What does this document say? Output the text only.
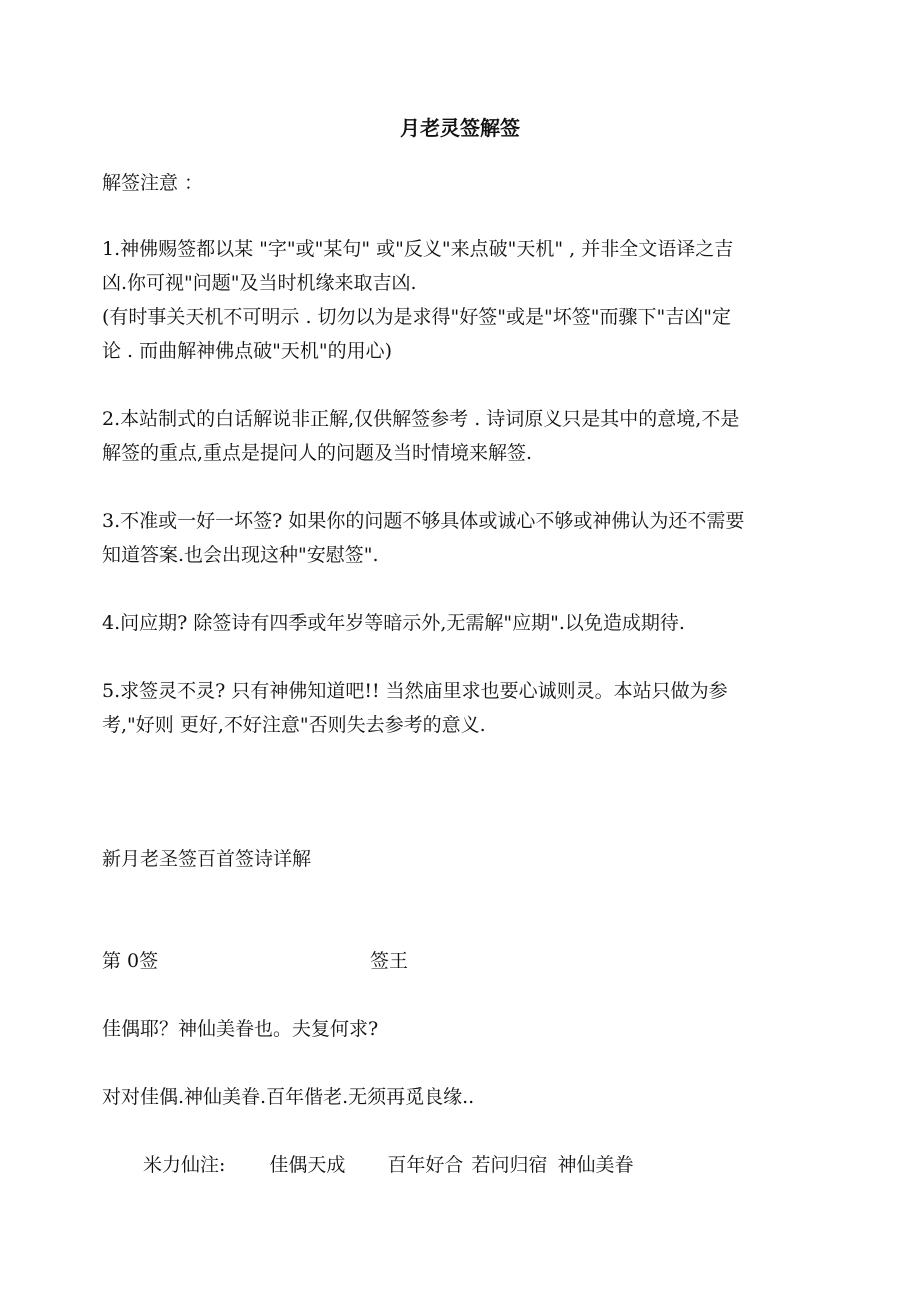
月老灵签解签

解签注意 ：

1.神佛赐签都以某 "字"或"某句" 或"反义"来点破"天机" , 并非全文语译之吉
凶.你可视"问题"及当时机缘来取吉凶.

(有时事关天机不可明示 . 切勿以为是求得"好签"或是"坏签"而骤下"吉凶"定
论 . 而曲解神佛点破"天机"的用心)

2.本站制式的白话解说非正解,仅供解签参考 . 诗词原义只是其中的意境,不是
解签的重点,重点是提问人的问题及当时情境来解签.

3.不准或一好一坏签? 如果你的问题不够具体或诚心不够或神佛认为还不需要
知道答案.也会出现这种"安慰签".

4.问应期? 除签诗有四季或年岁等暗示外,无需解"应期".以免造成期待.

5.求签灵不灵? 只有神佛知道吧!! 当然庙里求也要心诚则灵。本站只做为参
考,"好则 更好,不好注意"否则失去参考的意义.

新月老圣签百首签诗详解

第 0签	签王

佳偶耶？神仙美眷也。夫复何求?

对对佳偶.神仙美眷.百年偕老.无须再觅良缘..

米力仙注: 佳偶天成 百年好合 若问归宿 神仙美眷
